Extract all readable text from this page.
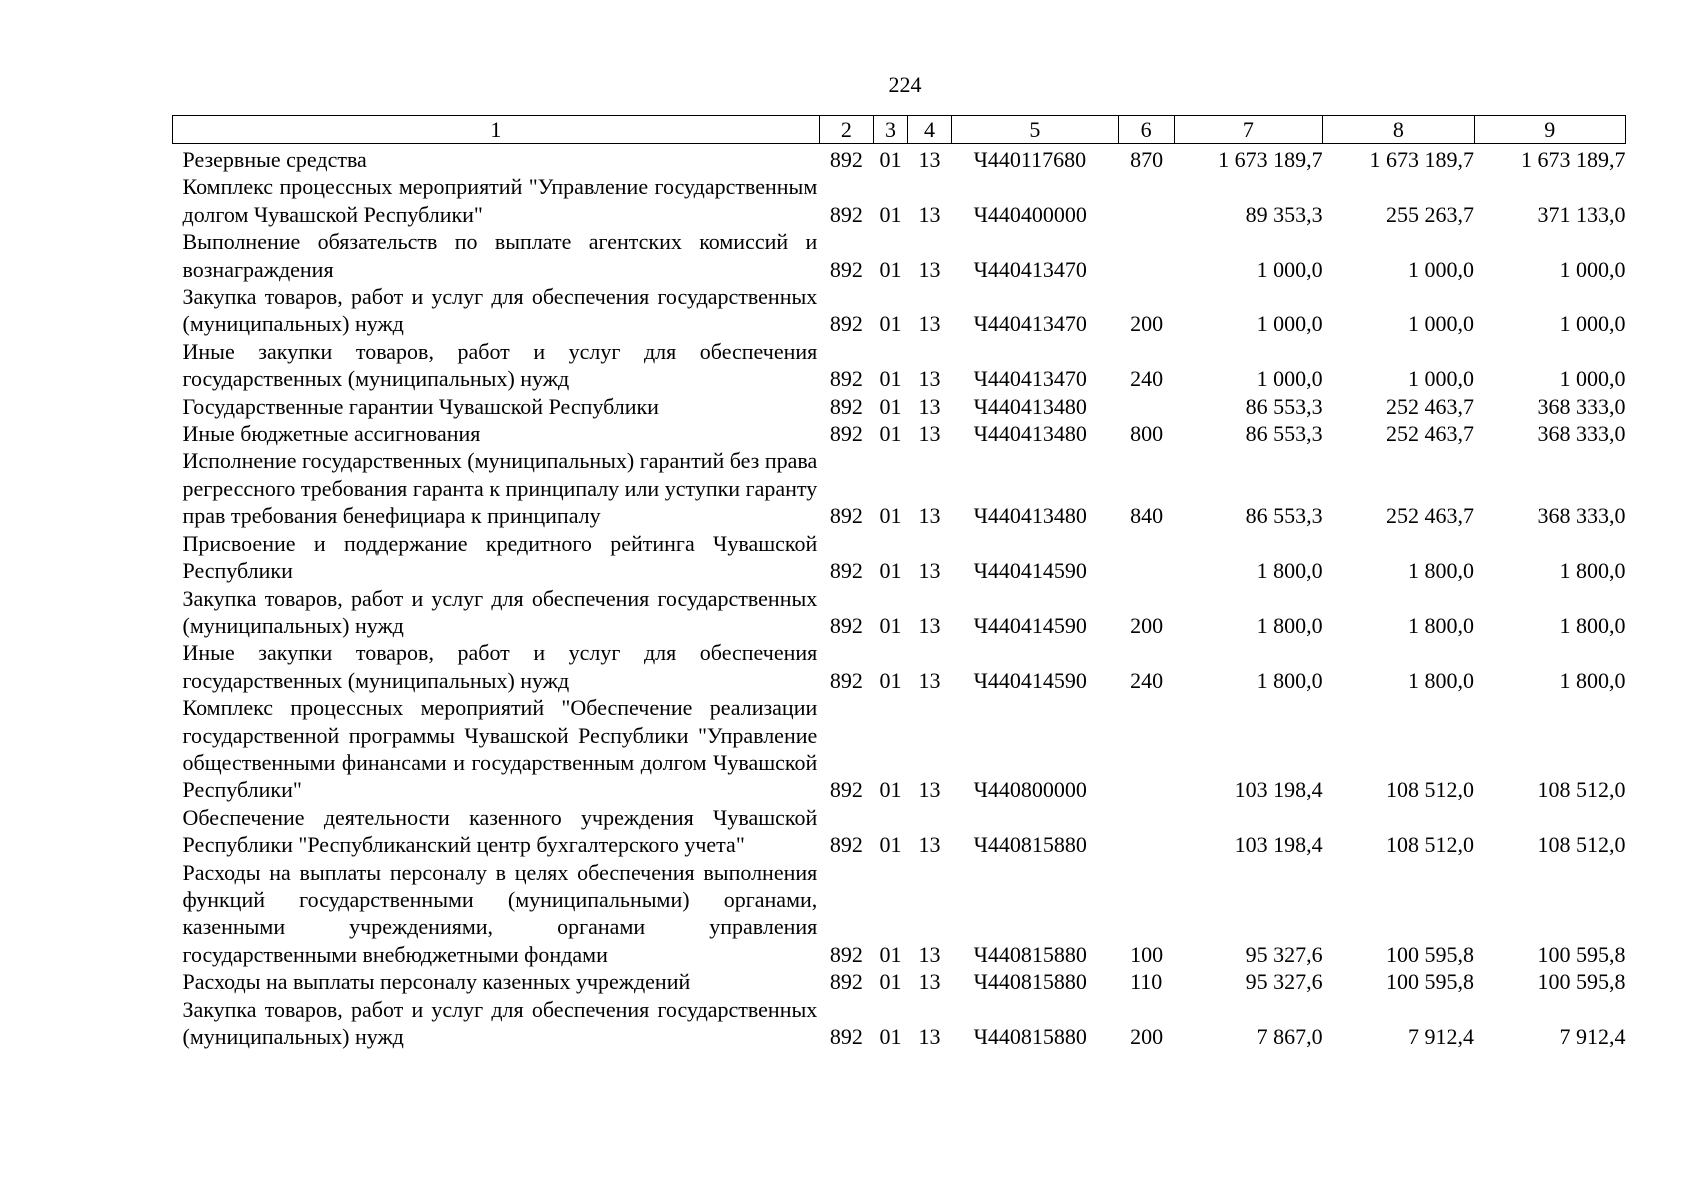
224
1	2	3	4	5	6	7	8	9
Резервные средства	892	01	13	Ч440117680	870	1 673 189,7	1 673 189,7	1 673 189,7
Комплекс процессных мероприятий "Управление государственным долгом Чувашской Республики"	892	01	13	Ч440400000		89 353,3	255 263,7	371 133,0
Выполнение обязательств по выплате агентских комиссий и вознаграждения	892	01	13	Ч440413470		1 000,0	1 000,0	1 000,0
Закупка товаров, работ и услуг для обеспечения государственных (муниципальных) нужд	892	01	13	Ч440413470	200	1 000,0	1 000,0	1 000,0
Иные закупки товаров, работ и услуг для обеспечения государственных (муниципальных) нужд	892	01	13	Ч440413470	240	1 000,0	1 000,0	1 000,0
Государственные гарантии Чувашской Республики	892	01	13	Ч440413480		86 553,3	252 463,7	368 333,0
Иные бюджетные ассигнования	892	01	13	Ч440413480	800	86 553,3	252 463,7	368 333,0
Исполнение государственных (муниципальных) гарантий без права регрессного требования гаранта к принципалу или уступки гаранту прав требования бенефициара к принципалу	892	01	13	Ч440413480	840	86 553,3	252 463,7	368 333,0
Присвоение и поддержание кредитного рейтинга Чувашской Республики	892	01	13	Ч440414590		1 800,0	1 800,0	1 800,0
Закупка товаров, работ и услуг для обеспечения государственных (муниципальных) нужд	892	01	13	Ч440414590	200	1 800,0	1 800,0	1 800,0
Иные закупки товаров, работ и услуг для обеспечения государственных (муниципальных) нужд	892	01	13	Ч440414590	240	1 800,0	1 800,0	1 800,0
Комплекс процессных мероприятий "Обеспечение реализации государственной программы Чувашской Республики "Управление общественными финансами и государственным долгом Чувашской Республики"	892	01	13	Ч440800000		103 198,4	108 512,0	108 512,0
Обеспечение деятельности казенного учреждения Чувашской Республики "Республиканский центр бухгалтерского учета"	892	01	13	Ч440815880		103 198,4	108 512,0	108 512,0
Расходы на выплаты персоналу в целях обеспечения выполнения функций государственными (муниципальными) органами, казенными учреждениями, органами управления государственными внебюджетными фондами	892	01	13	Ч440815880	100	95 327,6	100 595,8	100 595,8
Расходы на выплаты персоналу казенных учреждений	892	01	13	Ч440815880	110	95 327,6	100 595,8	100 595,8
Закупка товаров, работ и услуг для обеспечения государственных (муниципальных) нужд	892	01	13	Ч440815880	200	7 867,0	7 912,4	7 912,4
